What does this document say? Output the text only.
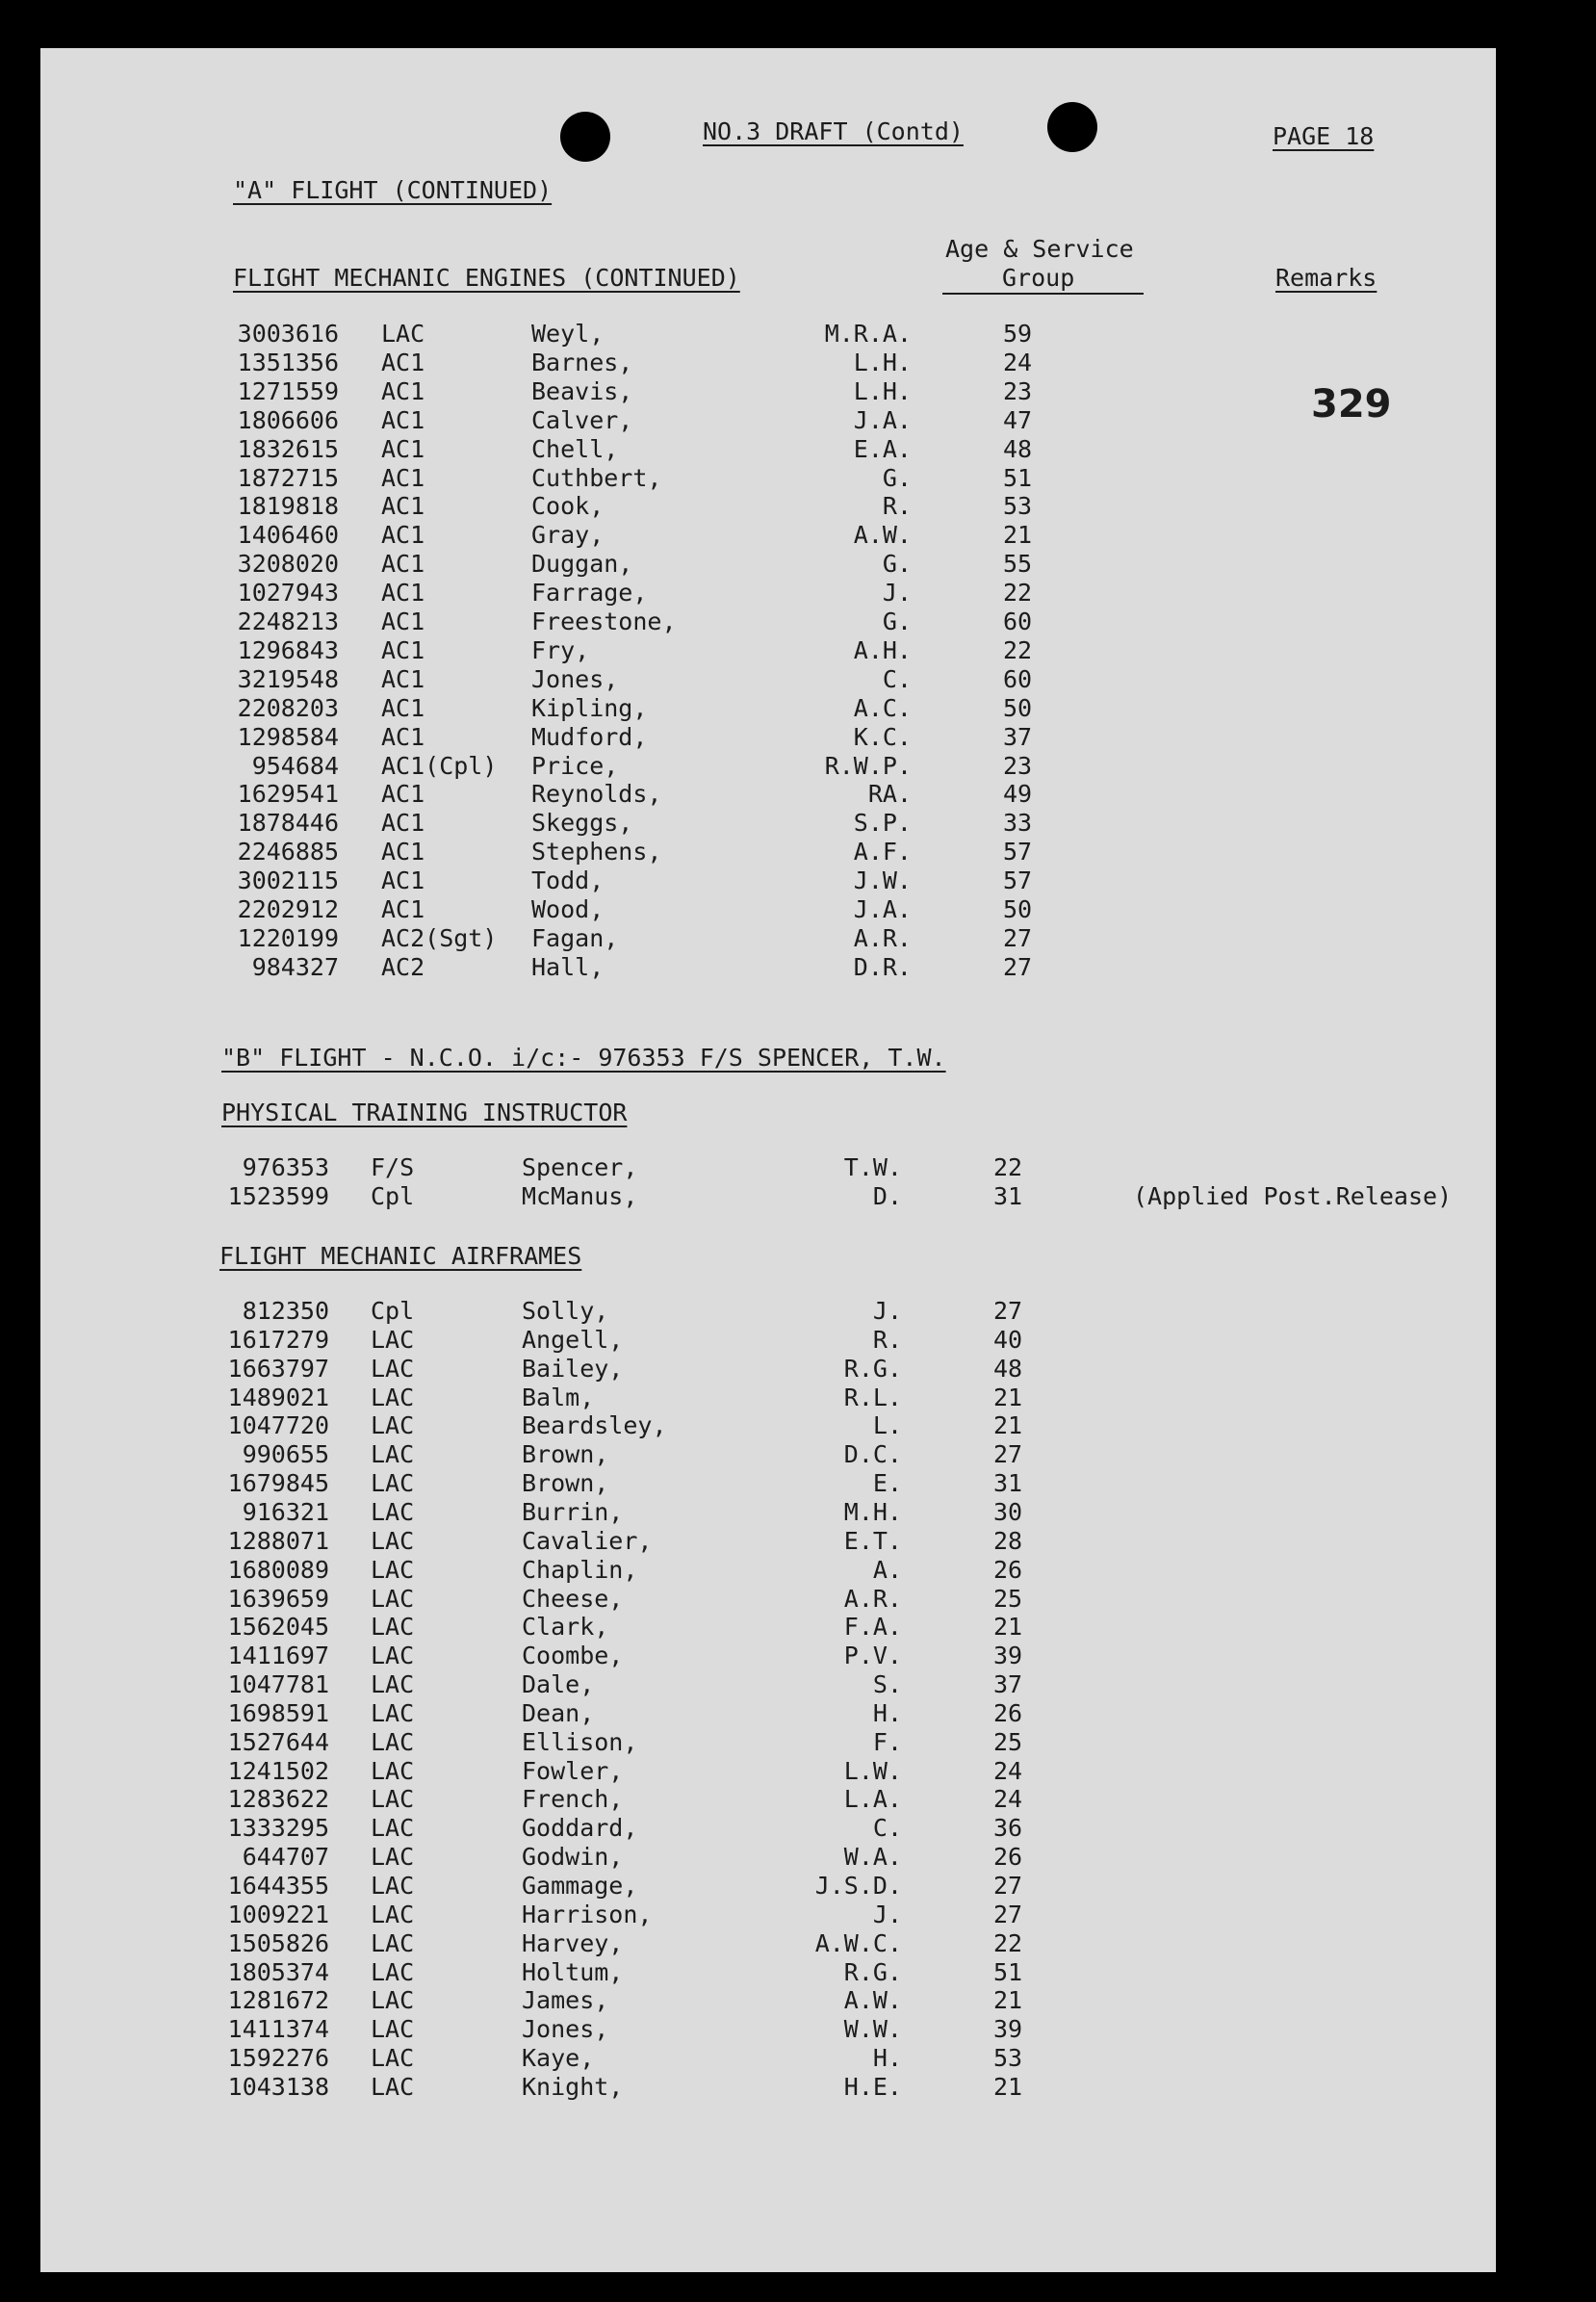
NO.3 DRAFT (Contd)	PAGE 18
"A" FLIGHT (CONTINUED)
Age & Service
Group
FLIGHT MECHANIC ENGINES (CONTINUED)	Remarks
329
3003616 LAC	Weyl,	M.R.A.	59
1351356 AC1	Barnes,	L.H.	24
1271559 AC1	Beavis,	L.H.	23
1806606 AC1	Calver,	J.A.	47
1832615 AC1	Chell,	E.A.	48
1872715 AC1	Cuthbert,	G.	51
1819818 AC1	Cook,	R.	53
1406460 AC1	Gray,	A.W.	21
3208020 AC1	Duggan,	G.	55
1027943 AC1	Farrage,	J.	22
2248213 AC1	Freestone,	G.	60
1296843 AC1	Fry,	A.H.	22
3219548 AC1	Jones,	C.	60
2208203 AC1	Kipling,	A.C.	50
1298584 AC1	Mudford,	K.C.	37
954684 AC1(Cpl) Price,	R.W.P.	23
1629541 AC1	Reynolds,	RA.	49
1878446 AC1	Skeggs,	S.P.	33
2246885 AC1	Stephens,	A.F.	57
3002115 AC1	Todd,	J.W.	57
2202912 AC1	Wood,	J.A.	50
1220199 AC2(Sgt) Fagan,	A.R.	27
984327 AC2	Hall,	D.R.	27
"B" FLIGHT - N.C.O. i/c:- 976353 F/S SPENCER, T.W.
PHYSICAL TRAINING INSTRUCTOR
976353 F/S	Spencer,	T.W.	22
1523599 Cpl	McManus,	D.	31	(Applied Post.Release)
FLIGHT MECHANIC AIRFRAMES
812350 Cpl	Solly,	J.	27
1617279 LAC	Angell,	R.	40
1663797 LAC	Bailey,	R.G.	48
1489021 LAC	Balm,	R.L.	21
1047720 LAC	Beardsley,	L.	21
990655 LAC	Brown,	D.C.	27
1679845 LAC	Brown,	E.	31
916321 LAC	Burrin,	M.H.	30
1288071 LAC	Cavalier,	E.T.	28
1680089 LAC	Chaplin,	A.	26
1639659 LAC	Cheese,	A.R.	25
1562045 LAC	Clark,	F.A.	21
1411697 LAC	Coombe,	P.V.	39
1047781 LAC	Dale,	S.	37
1698591 LAC	Dean,	H.	26
1527644 LAC	Ellison,	F.	25
1241502 LAC	Fowler,	L.W.	24
1283622 LAC	French,	L.A.	24
1333295 LAC	Goddard,	C.	36
644707 LAC	Godwin,	W.A.	26
1644355 LAC	Gammage,	J.S.D.	27
1009221 LAC	Harrison,	J.	27
1505826 LAC	Harvey,	A.W.C.	22
1805374 LAC	Holtum,	R.G.	51
1281672 LAC	James,	A.W.	21
1411374 LAC	Jones,	W.W.	39
1592276 LAC	Kaye,	H.	53
1043138 LAC	Knight,	H.E.	21
